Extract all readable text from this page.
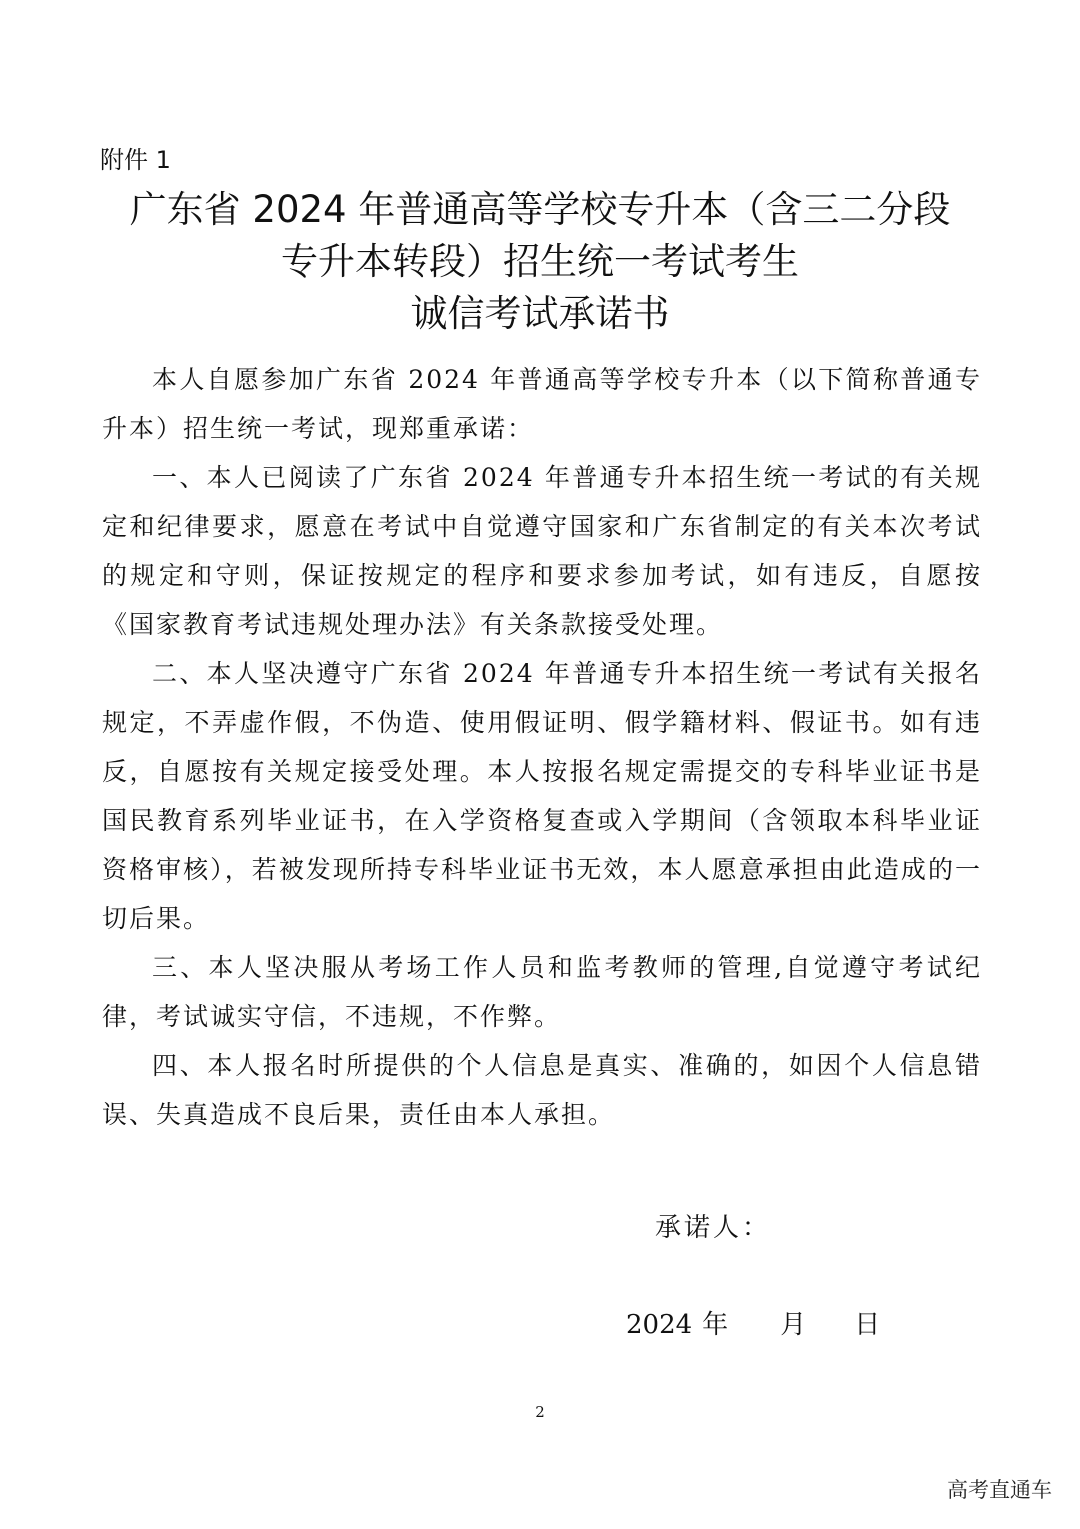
附件 1
广东省 2024 年普通高等学校专升本（含三二分段
专升本转段）招生统一考试考生
诚信考试承诺书

本人自愿参加广东省 2024 年普通高等学校专升本（以下简称普通专升本）招生统一考试，现郑重承诺：

一、本人已阅读了广东省 2024 年普通专升本招生统一考试的有关规定和纪律要求，愿意在考试中自觉遵守国家和广东省制定的有关本次考试的规定和守则，保证按规定的程序和要求参加考试，如有违反，自愿按《国家教育考试违规处理办法》有关条款接受处理。

二、本人坚决遵守广东省 2024 年普通专升本招生统一考试有关报名规定，不弄虚作假，不伪造、使用假证明、假学籍材料、假证书。如有违反，自愿按有关规定接受处理。本人按报名规定需提交的专科毕业证书是国民教育系列毕业证书，在入学资格复查或入学期间（含领取本科毕业证资格审核），若被发现所持专科毕业证书无效，本人愿意承担由此造成的一切后果。

三、本人坚决服从考场工作人员和监考教师的管理,自觉遵守考试纪律，考试诚实守信，不违规，不作弊。

四、本人报名时所提供的个人信息是真实、准确的，如因个人信息错误、失真造成不良后果，责任由本人承担。

承诺人：
2024 年 月 日
2
高考直通车
